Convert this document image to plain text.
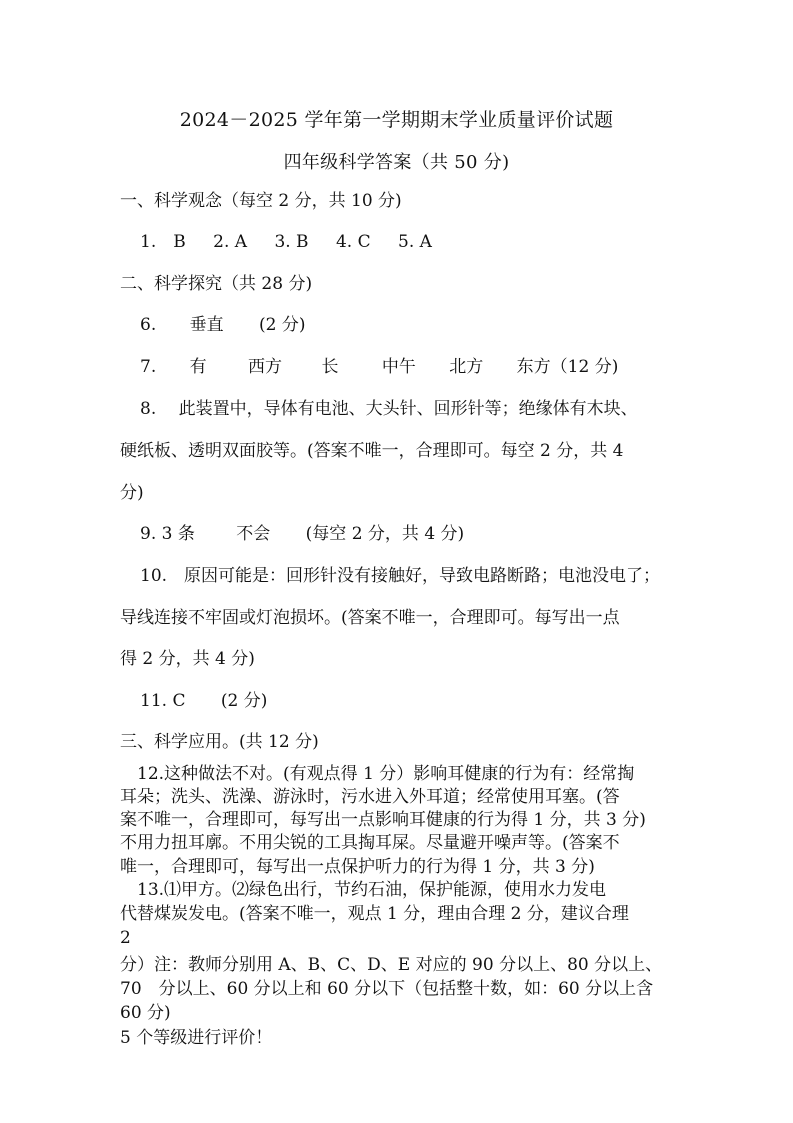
2024－2025 学年第一学期期末学业质量评价试题
四年级科学答案（共 50 分)
一、科学观念（每空 2 分，共 10 分)
1.　B 2. A 3. B 4. C 5. A
二、科学探究（共 28 分)
6. 垂直 (2 分)
7. 有 西方 长	中午 北方 东方（12 分)
8.　 此装置中，导体有电池、大头针、回形针等；绝缘体有木块、
硬纸板、透明双面胶等。(答案不唯一，合理即可。每空 2 分，共 4
分)
9. 3 条 不会 (每空 2 分，共 4 分)
10.　原因可能是：回形针没有接触好，导致电路断路；电池没电了；
导线连接不牢固或灯泡损坏。(答案不唯一，合理即可。每写出一点
得 2 分，共 4 分)
11. C (2 分)
三、科学应用。(共 12 分)
　12.这种做法不对。(有观点得 1 分）影响耳健康的行为有：经常掏
耳朵；洗头、洗澡、游泳时，污水进入外耳道；经常使用耳塞。(答
案不唯一，合理即可，每写出一点影响耳健康的行为得 1 分，共 3 分)
不用力扭耳廓。不用尖锐的工具掏耳屎。尽量避开噪声等。(答案不
唯一，合理即可，每写出一点保护听力的行为得 1 分，共 3 分)
　13.⑴甲方。⑵绿色出行，节约石油，保护能源，使用水力发电
代替煤炭发电。(答案不唯一，观点 1 分，理由合理 2 分，建议合理
2
分）注：教师分别用 A、B、C、D、E 对应的 90 分以上、80 分以上、
70　分以上、60 分以上和 60 分以下（包括整十数，如：60 分以上含
60 分)
5 个等级进行评价！
